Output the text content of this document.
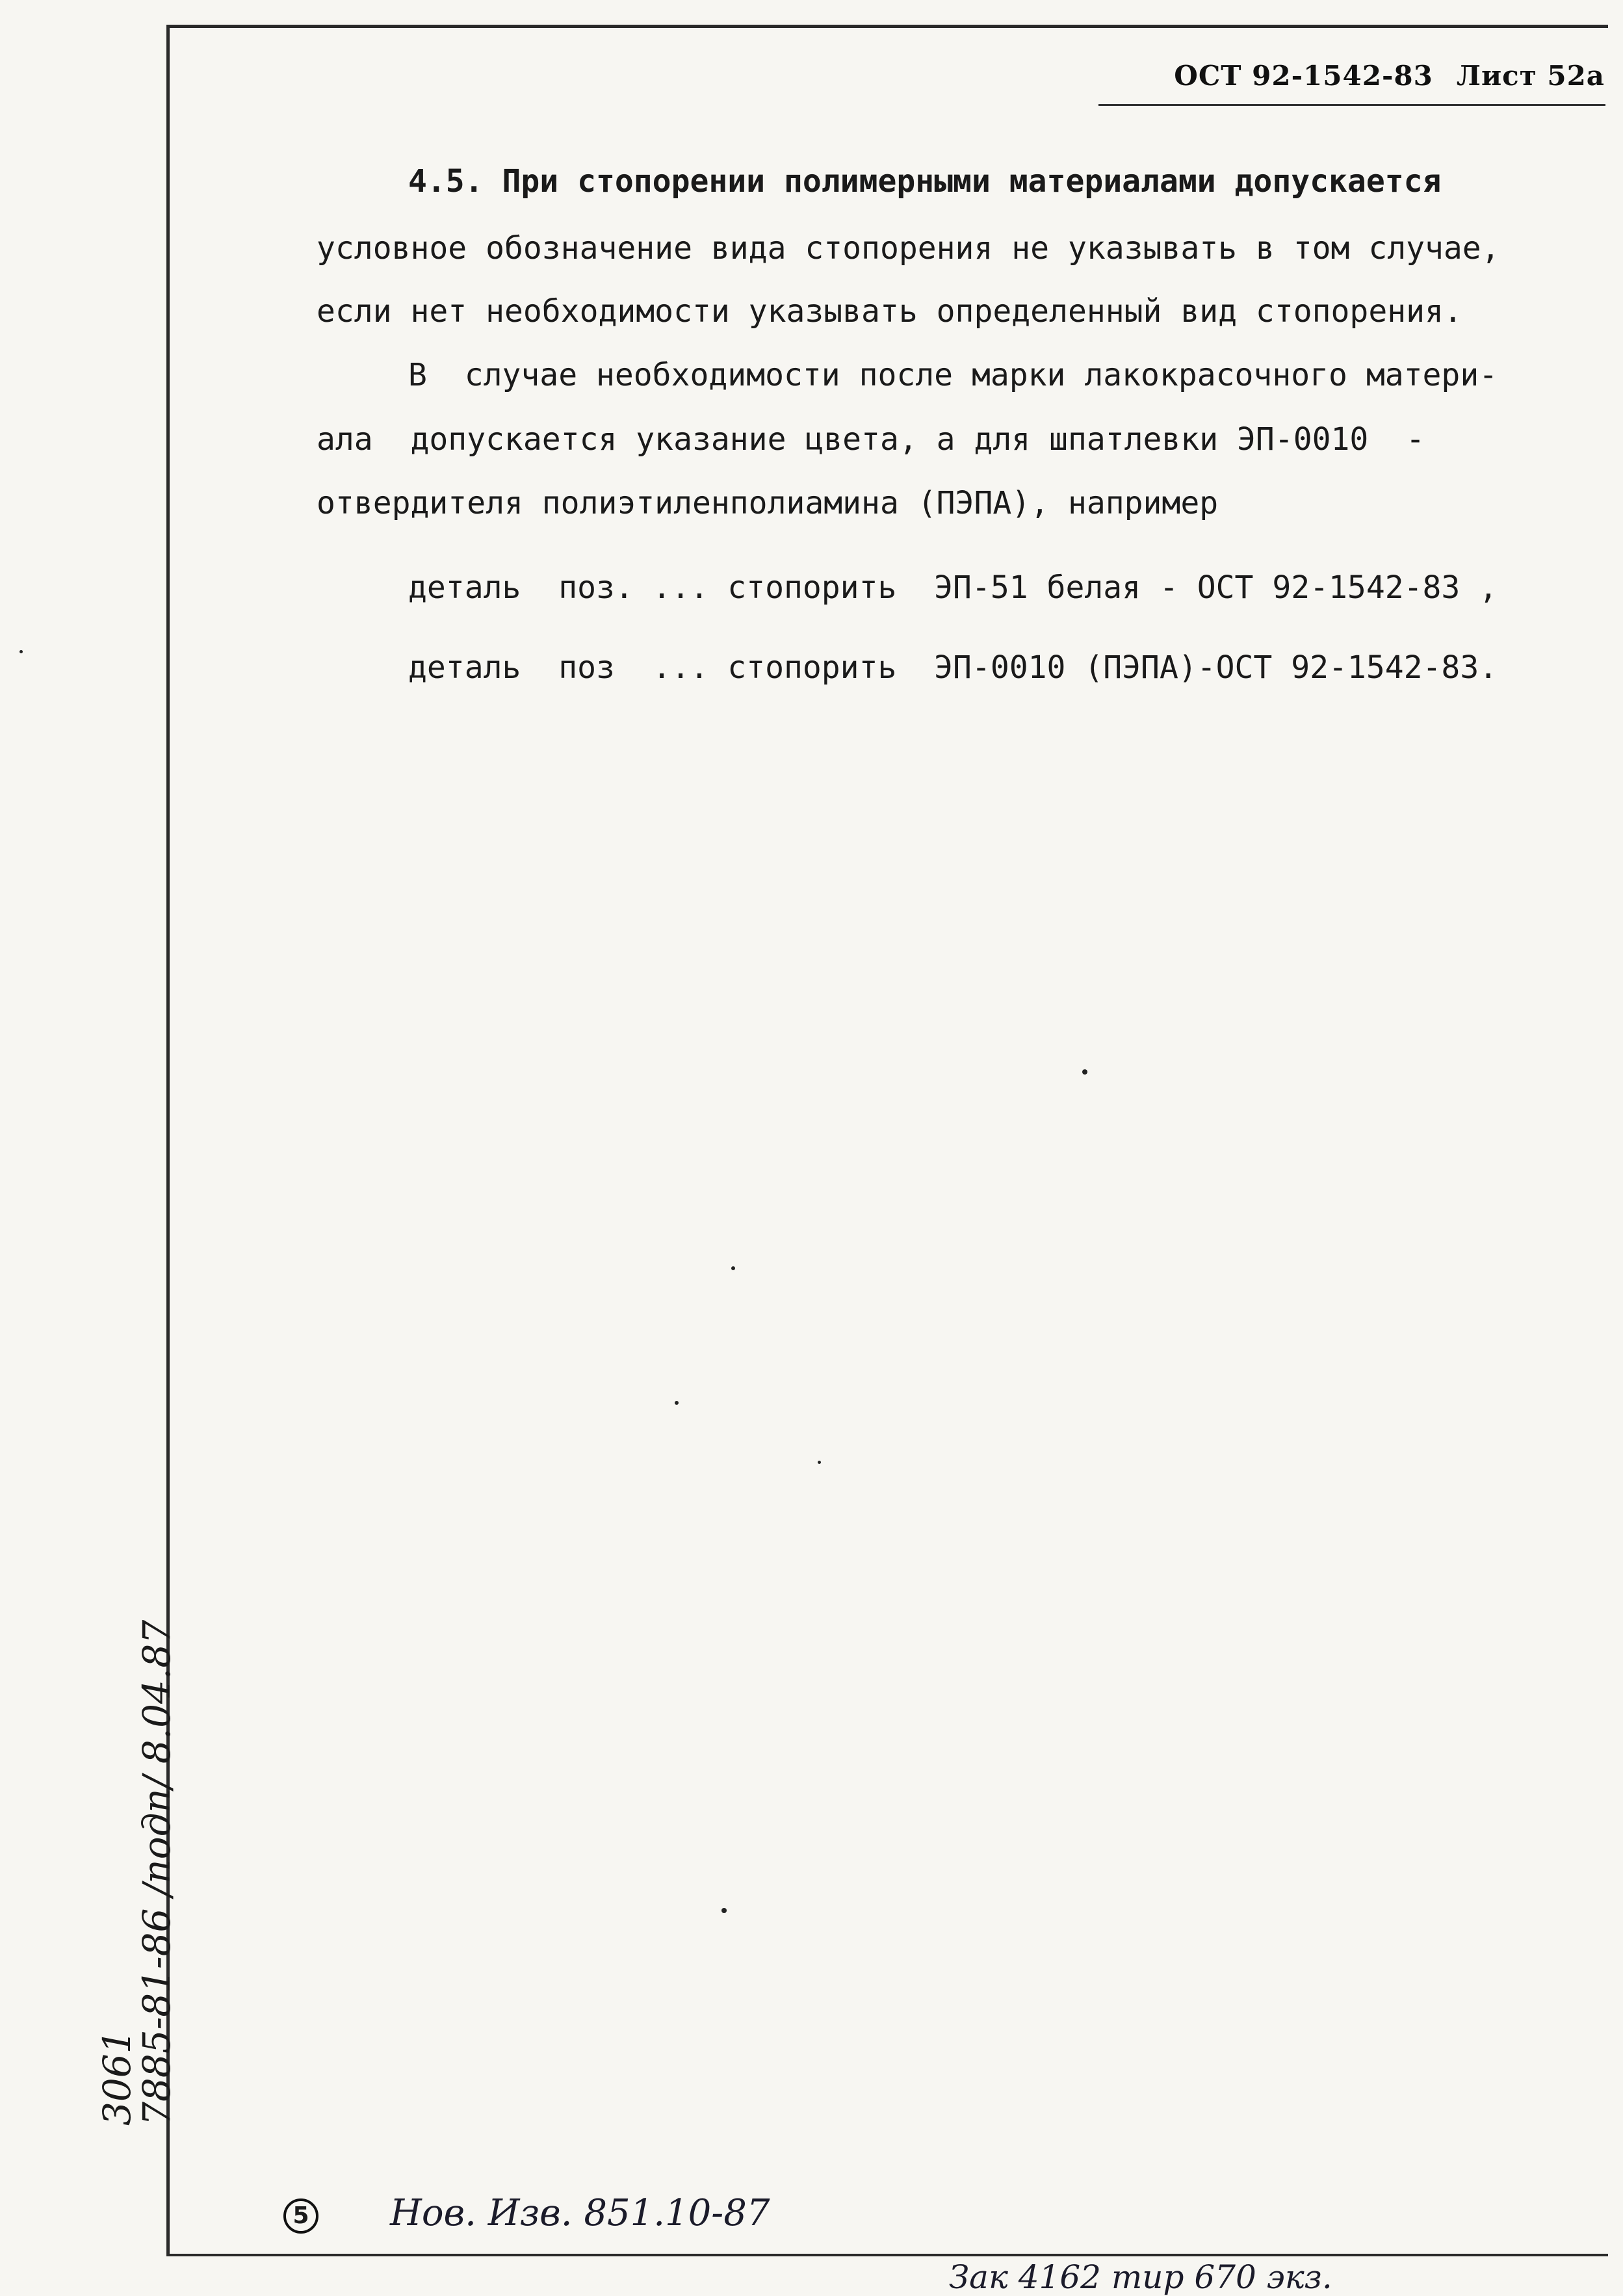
ОСТ 92-1542-83 Лист 52а
4.5. При стопорении полимерными материалами допускается
условное обозначение вида стопорения не указывать в том случае,
если нет необходимости указывать определенный вид стопорения.
В  случае необходимости после марки лакокрасочного матери-
ала  допускается указание цвета, а для шпатлевки ЭП-0010  -
отвердителя полиэтиленполиамина (ПЭПА), например
деталь  поз. ... стопорить  ЭП-51 белая - ОСТ 92-1542-83 ,
деталь  поз  ... стопорить  ЭП-0010 (ПЭПА)-ОСТ 92-1542-83.
3061
7885-81-86 /подп/ 8.04.87
5 Нов. Изв. 851.10-87
Зак 4162 тир 670 экз.
